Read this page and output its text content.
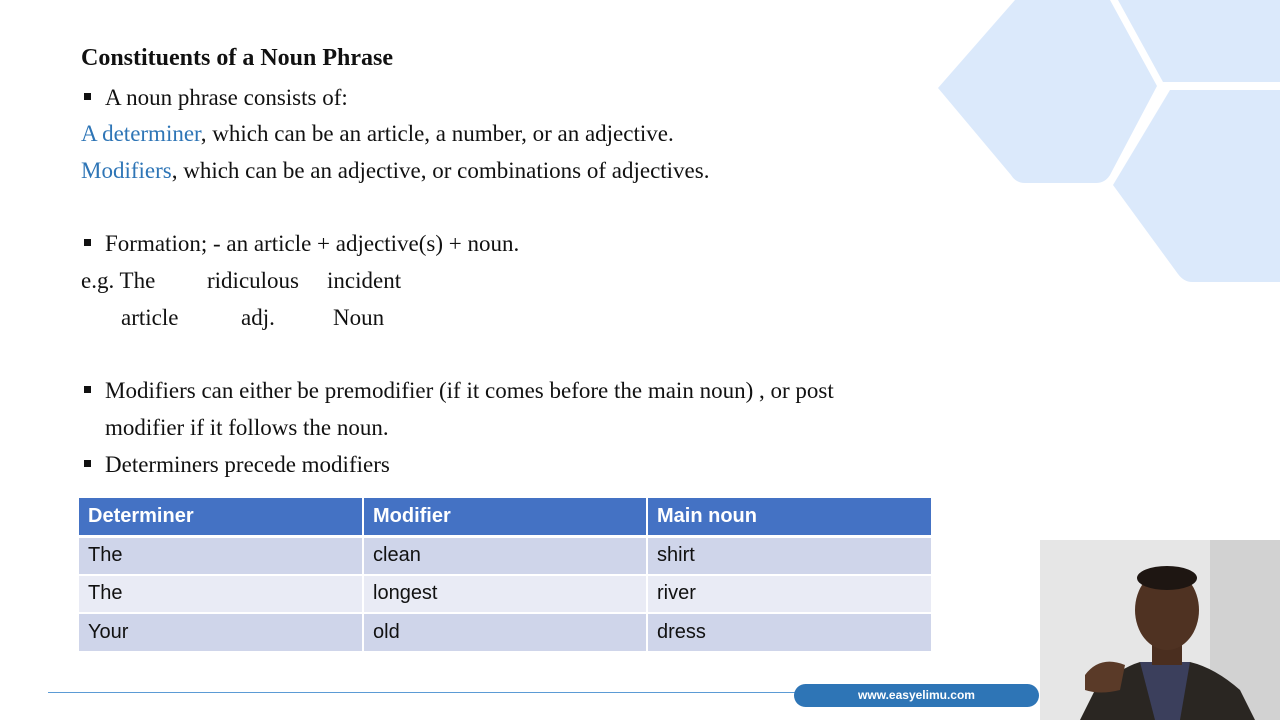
Constituents of a Noun Phrase
A noun phrase consists of:
A determiner, which can be an article, a number, or an adjective.
Modifiers, which can be an adjective, or combinations of adjectives.
Formation; - an article + adjective(s) + noun.
e.g. The ridiculous incident
article	adj.	Noun
Modifiers can either be premodifier (if it comes before the main noun) , or post
modifier if it follows the noun.
Determiners precede modifiers
Determiner	Modifier	Main noun
The	clean	shirt
The	longest	river
Your	old	dress
www.easyelimu.com
